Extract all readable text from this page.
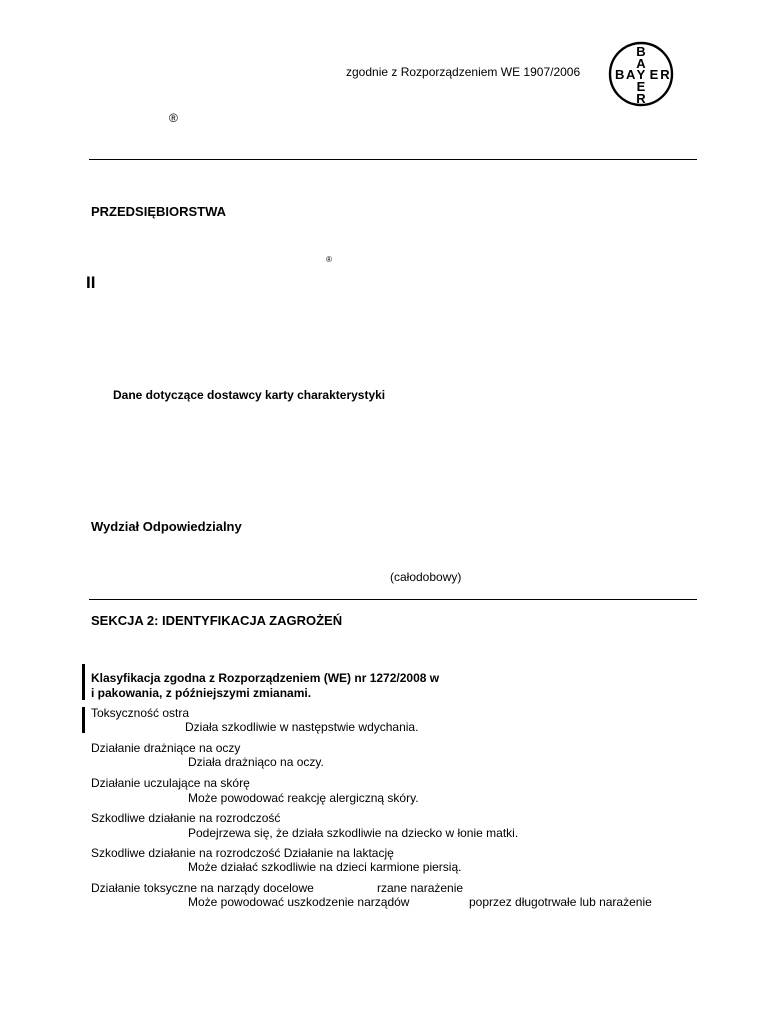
zgodnie z Rozporządzeniem WE 1907/2006
B
A
B A Y E R
E
R
®
PRZEDSIĘBIORSTWA
®
II
Dane dotyczące dostawcy karty charakterystyki
Wydział Odpowiedzialny
(całodobowy)
SEKCJA 2: IDENTYFIKACJA ZAGROŻEŃ
Klasyfikacja zgodna z Rozporządzeniem (WE) nr 1272/2008 w
i pakowania, z późniejszymi zmianami.
Toksyczność ostra
Działa szkodliwie w następstwie wdychania.
Działanie drażniące na oczy
Działa drażniąco na oczy.
Działanie uczulające na skórę
Może powodować reakcję alergiczną skóry.
Szkodliwe działanie na rozrodczość
Podejrzewa się, że działa szkodliwie na dziecko w łonie matki.
Szkodliwe działanie na rozrodczość Działanie na laktację
Może działać szkodliwie na dzieci karmione piersią.
Działanie toksyczne na narządy docelowe	rzane narażenie
Może powodować uszkodzenie narządów	poprzez długotrwałe lub narażenie
